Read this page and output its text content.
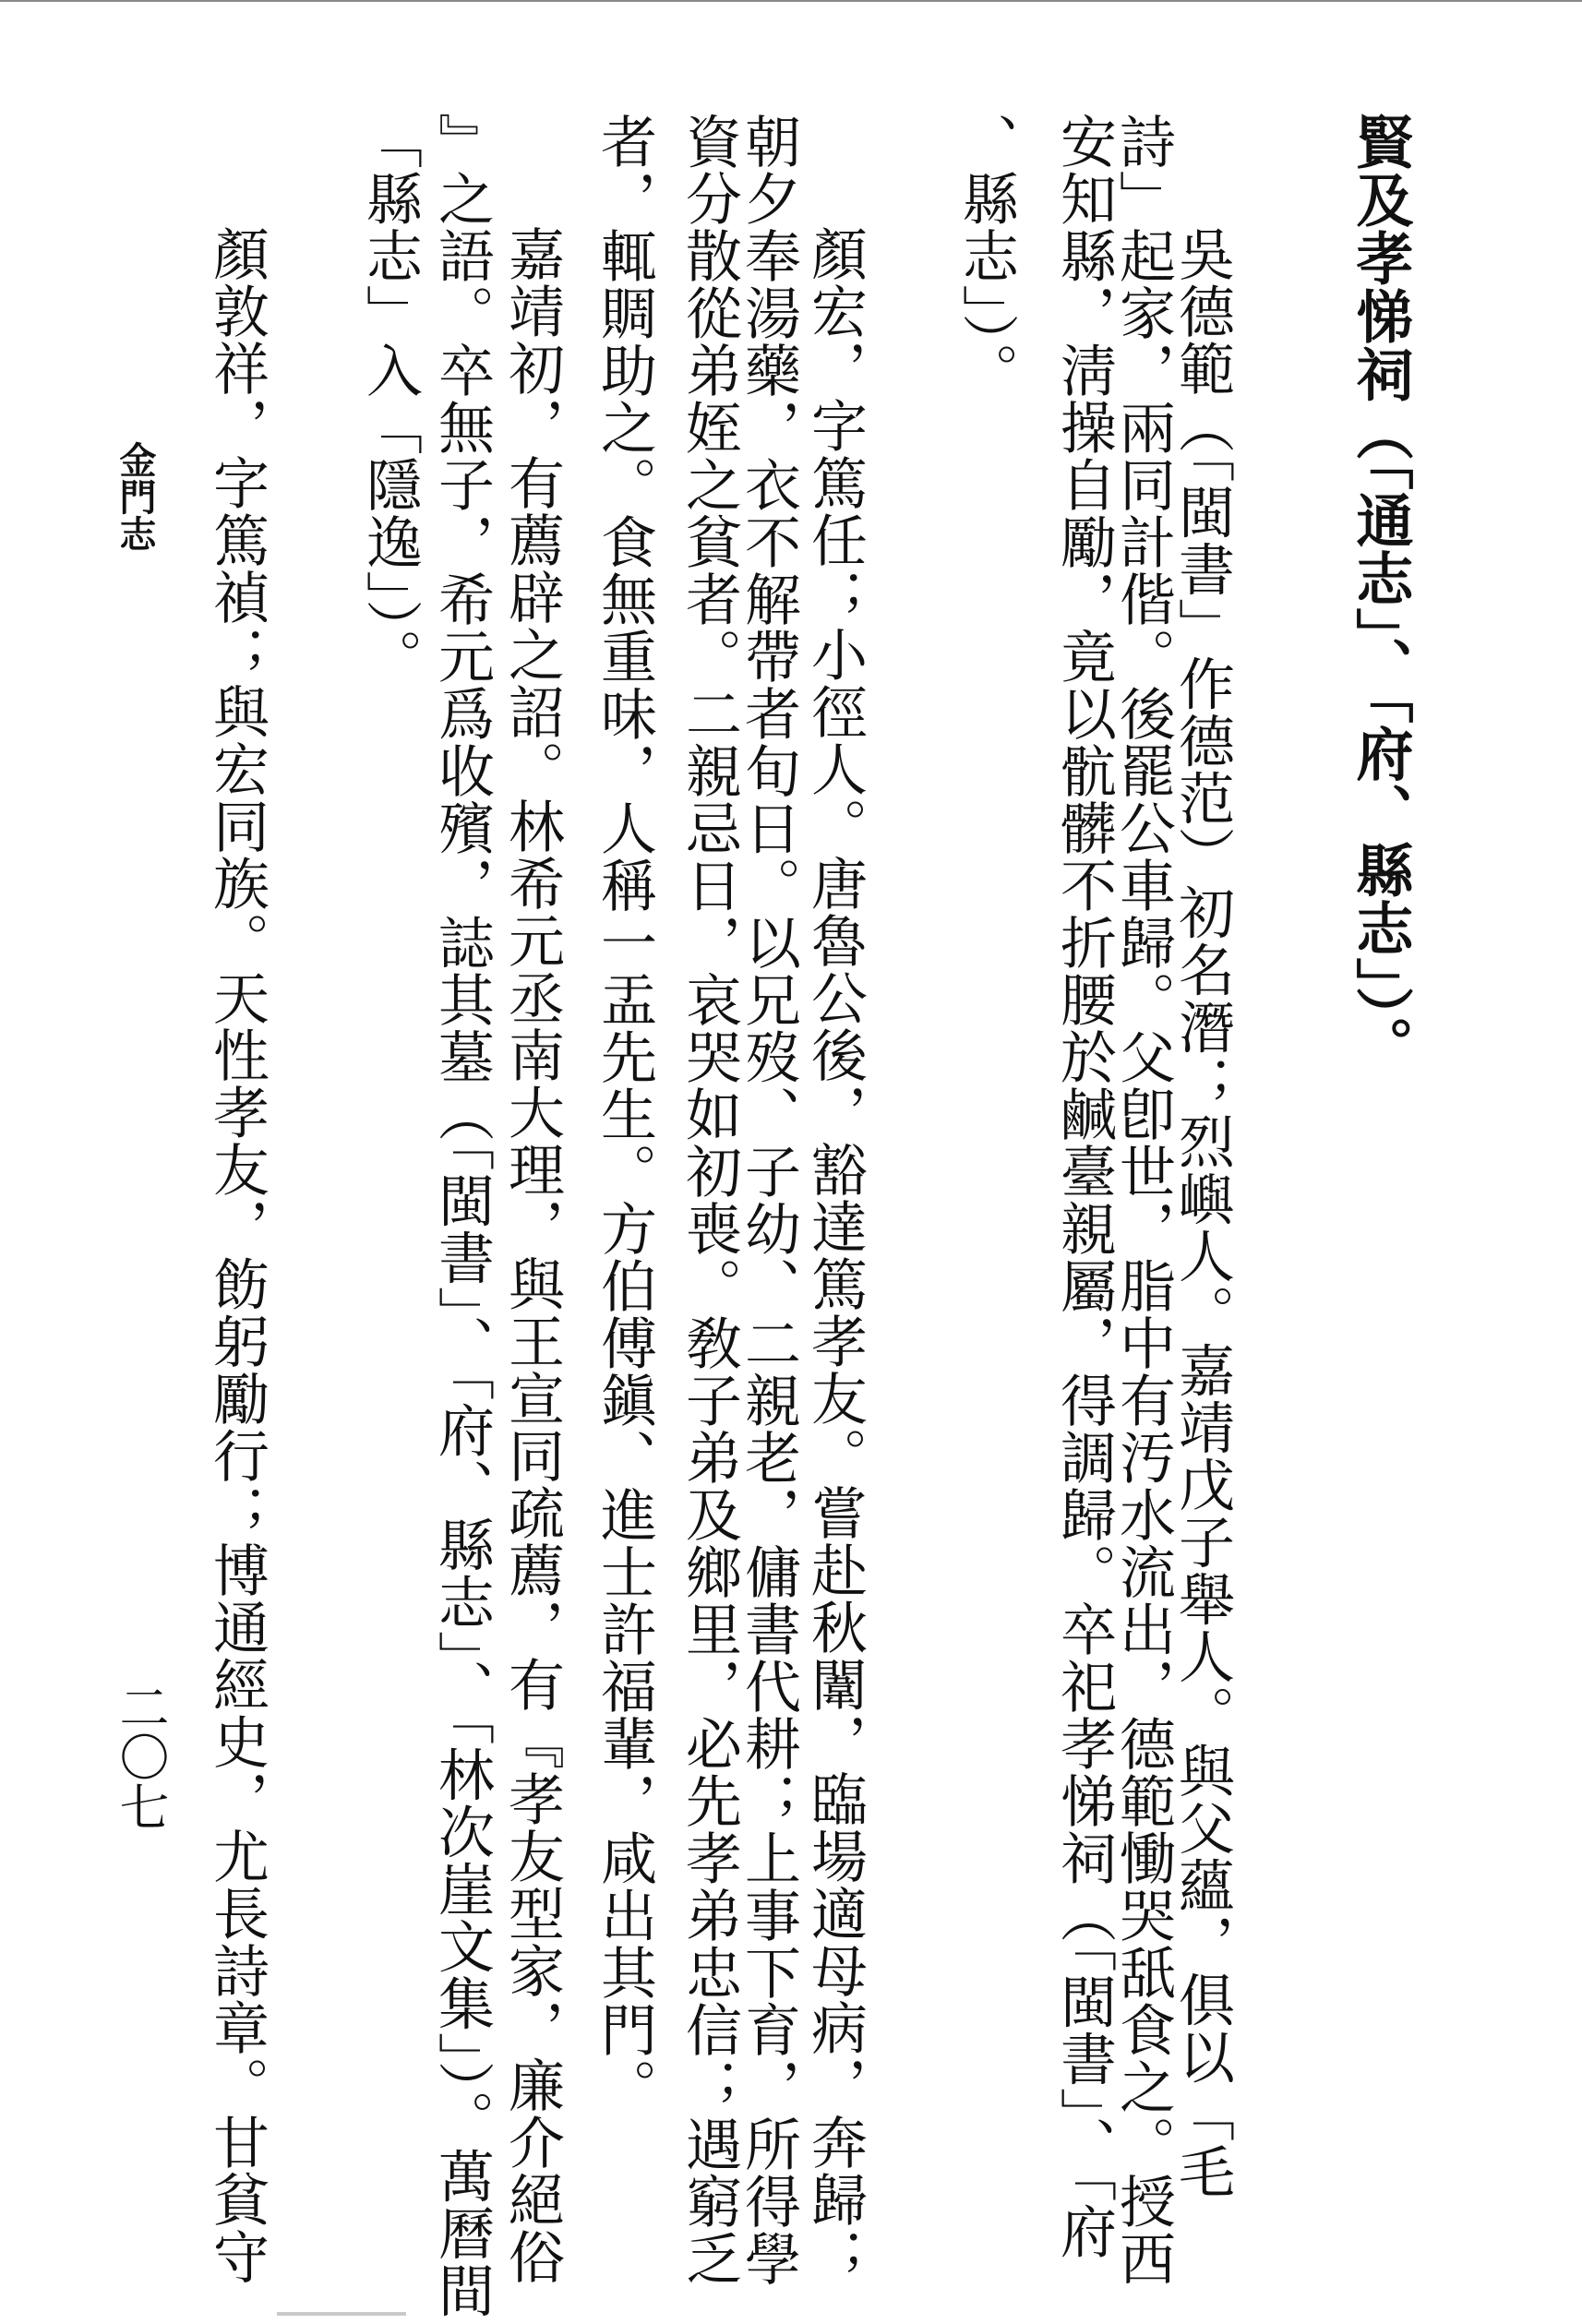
賢及孝悌祠（「通志」、「府、縣志」）。
吳德範（「閩書」作德范）初名潛；烈嶼人。嘉靖戊子舉人。與父蘊，俱以「毛
詩」起家，兩同計偕。後罷公車歸。父卽世，脂中有汚水流出，德範慟哭舐食之。授西
安知縣，淸操自勵，竟以骯髒不折腰於鹹臺親屬，得調歸。卒祀孝悌祠（「閩書」、「府
、縣志」）。
顏宏，字篤任；小徑人。唐魯公後，豁達篤孝友。嘗赴秋闈，臨場適母病，奔歸；
朝夕奉湯藥，衣不解帶者旬日。以兄歿、子幼、二親老，傭書代耕；上事下育，所得學
資分散從弟姪之貧者。二親忌日，哀哭如初喪。敎子弟及鄉里，必先孝弟忠信；遇窮乏
者，輒賙助之。食無重味，人稱一盂先生。方伯傅鎭、進士許福輩，咸出其門。
嘉靖初，有薦辟之詔。林希元丞南大理，與王宣同疏薦，有『孝友型家，廉介絕俗
』之語。卒無子，希元爲收殯，誌其墓（「閩書」、「府、縣志」、「林次崖文集」）。萬曆間
「縣志」入「隱逸」）。
顏敦祥，字篤禎；與宏同族。天性孝友，飭躬勵行；博通經史，尤長詩章。甘貧守
金門志
二〇七
